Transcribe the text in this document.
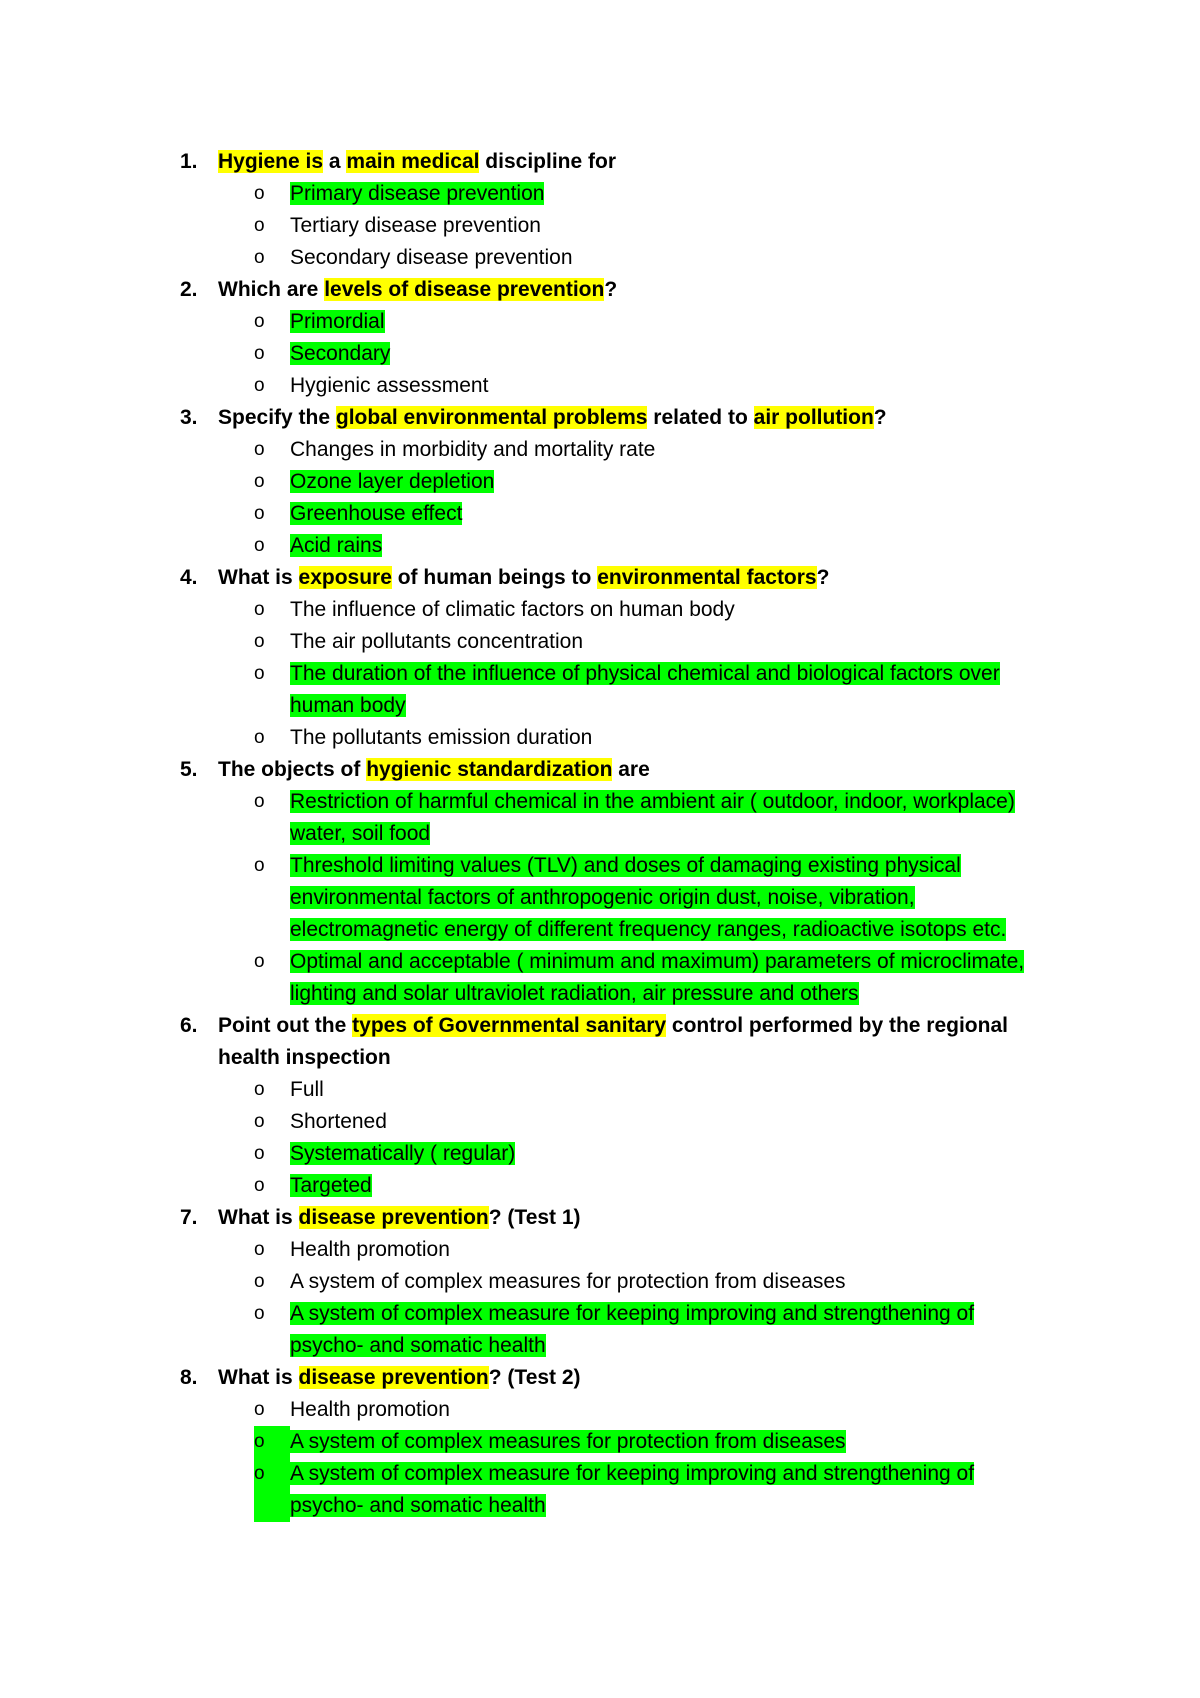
1. Hygiene is a main medical discipline for
o	Primary disease prevention
o	Tertiary disease prevention
o	Secondary disease prevention
2. Which are levels of disease prevention?
o	Primordial
o	Secondary
o	Hygienic assessment
3. Specify the global environmental problems related to air pollution?
o	Changes in morbidity and mortality rate
o	Ozone layer depletion
o	Greenhouse effect
o	Acid rains
4. What is exposure of human beings to environmental factors?
o	The influence of climatic factors on human body
o	The air pollutants concentration
o	The duration of the influence of physical chemical and biological factors over human body
o	The pollutants emission duration
5. The objects of hygienic standardization are
o	Restriction of harmful chemical in the ambient air ( outdoor, indoor, workplace) water, soil food
o	Threshold limiting values (TLV) and doses of damaging existing physical environmental factors of anthropogenic origin dust, noise, vibration, electromagnetic energy of different frequency ranges, radioactive isotops etc.
o	Optimal and acceptable ( minimum and maximum) parameters of microclimate, lighting and solar ultraviolet radiation, air pressure and others
6. Point out the types of Governmental sanitary control performed by the regional health inspection
o	Full
o	Shortened
o	Systematically ( regular)
o	Targeted
7. What is disease prevention? (Test 1)
o	Health promotion
o	A system of complex measures for protection from diseases
o	A system of complex measure for keeping improving and strengthening of psycho- and somatic health
8. What is disease prevention? (Test 2)
o	Health promotion
o	A system of complex measures for protection from diseases
o	A system of complex measure for keeping improving and strengthening of psycho- and somatic health
